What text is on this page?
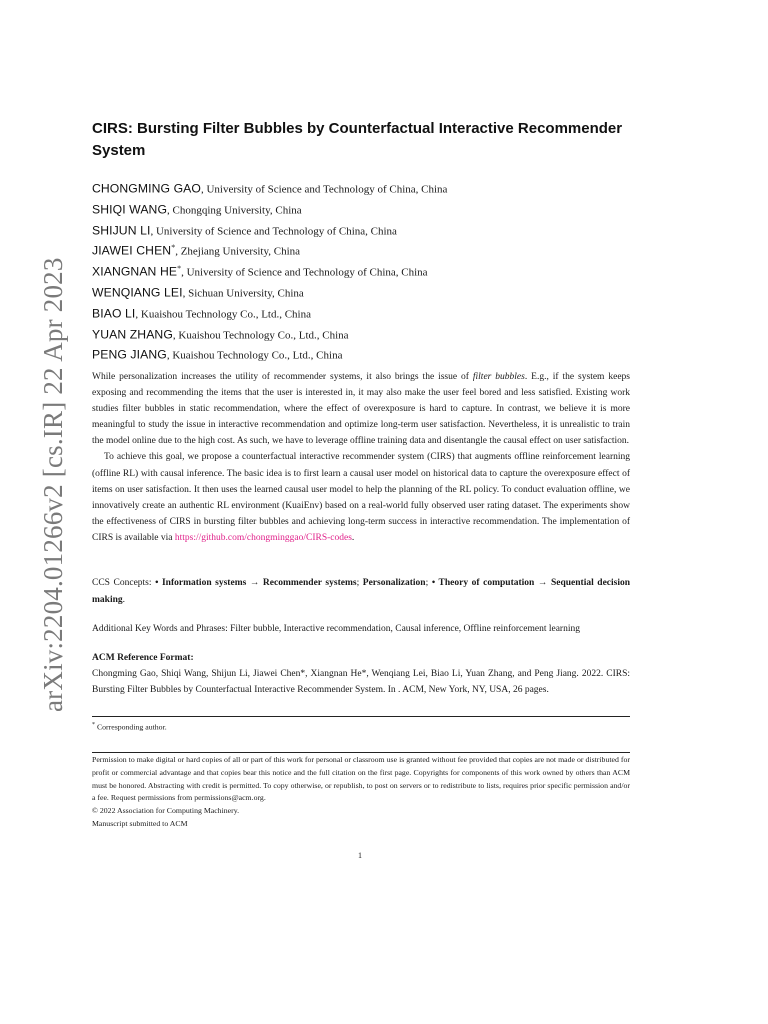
arXiv:2204.01266v2 [cs.IR] 22 Apr 2023
CIRS: Bursting Filter Bubbles by Counterfactual Interactive Recommender System
CHONGMING GAO, University of Science and Technology of China, China
SHIQI WANG, Chongqing University, China
SHIJUN LI, University of Science and Technology of China, China
JIAWEI CHEN*, Zhejiang University, China
XIANGNAN HE*, University of Science and Technology of China, China
WENQIANG LEI, Sichuan University, China
BIAO LI, Kuaishou Technology Co., Ltd., China
YUAN ZHANG, Kuaishou Technology Co., Ltd., China
PENG JIANG, Kuaishou Technology Co., Ltd., China

While personalization increases the utility of recommender systems, it also brings the issue of filter bubbles. E.g., if the system keeps exposing and recommending the items that the user is interested in, it may also make the user feel bored and less satisfied. Existing work studies filter bubbles in static recommendation, where the effect of overexposure is hard to capture. In contrast, we believe it is more meaningful to study the issue in interactive recommendation and optimize long-term user satisfaction. Nevertheless, it is unrealistic to train the model online due to the high cost. As such, we have to leverage offline training data and disentangle the causal effect on user satisfaction.

To achieve this goal, we propose a counterfactual interactive recommender system (CIRS) that augments offline reinforcement learning (offline RL) with causal inference. The basic idea is to first learn a causal user model on historical data to capture the overexposure effect of items on user satisfaction. It then uses the learned causal user model to help the planning of the RL policy. To conduct evaluation offline, we innovatively create an authentic RL environment (KuaiEnv) based on a real-world fully observed user rating dataset. The experiments show the effectiveness of CIRS in bursting filter bubbles and achieving long-term success in interactive recommendation. The implementation of CIRS is available via https://github.com/chongminggao/CIRS-codes.

CCS Concepts: • Information systems → Recommender systems; Personalization; • Theory of computation → Sequential decision making.
Additional Key Words and Phrases: Filter bubble, Interactive recommendation, Causal inference, Offline reinforcement learning
ACM Reference Format:
Chongming Gao, Shiqi Wang, Shijun Li, Jiawei Chen*, Xiangnan He*, Wenqiang Lei, Biao Li, Yuan Zhang, and Peng Jiang. 2022. CIRS: Bursting Filter Bubbles by Counterfactual Interactive Recommender System. In . ACM, New York, NY, USA, 26 pages.
* Corresponding author.

Permission to make digital or hard copies of all or part of this work for personal or classroom use is granted without fee provided that copies are not made or distributed for profit or commercial advantage and that copies bear this notice and the full citation on the first page. Copyrights for components of this work owned by others than ACM must be honored. Abstracting with credit is permitted. To copy otherwise, or republish, to post on servers or to redistribute to lists, requires prior specific permission and/or a fee. Request permissions from permissions@acm.org.

© 2022 Association for Computing Machinery.

Manuscript submitted to ACM

1
